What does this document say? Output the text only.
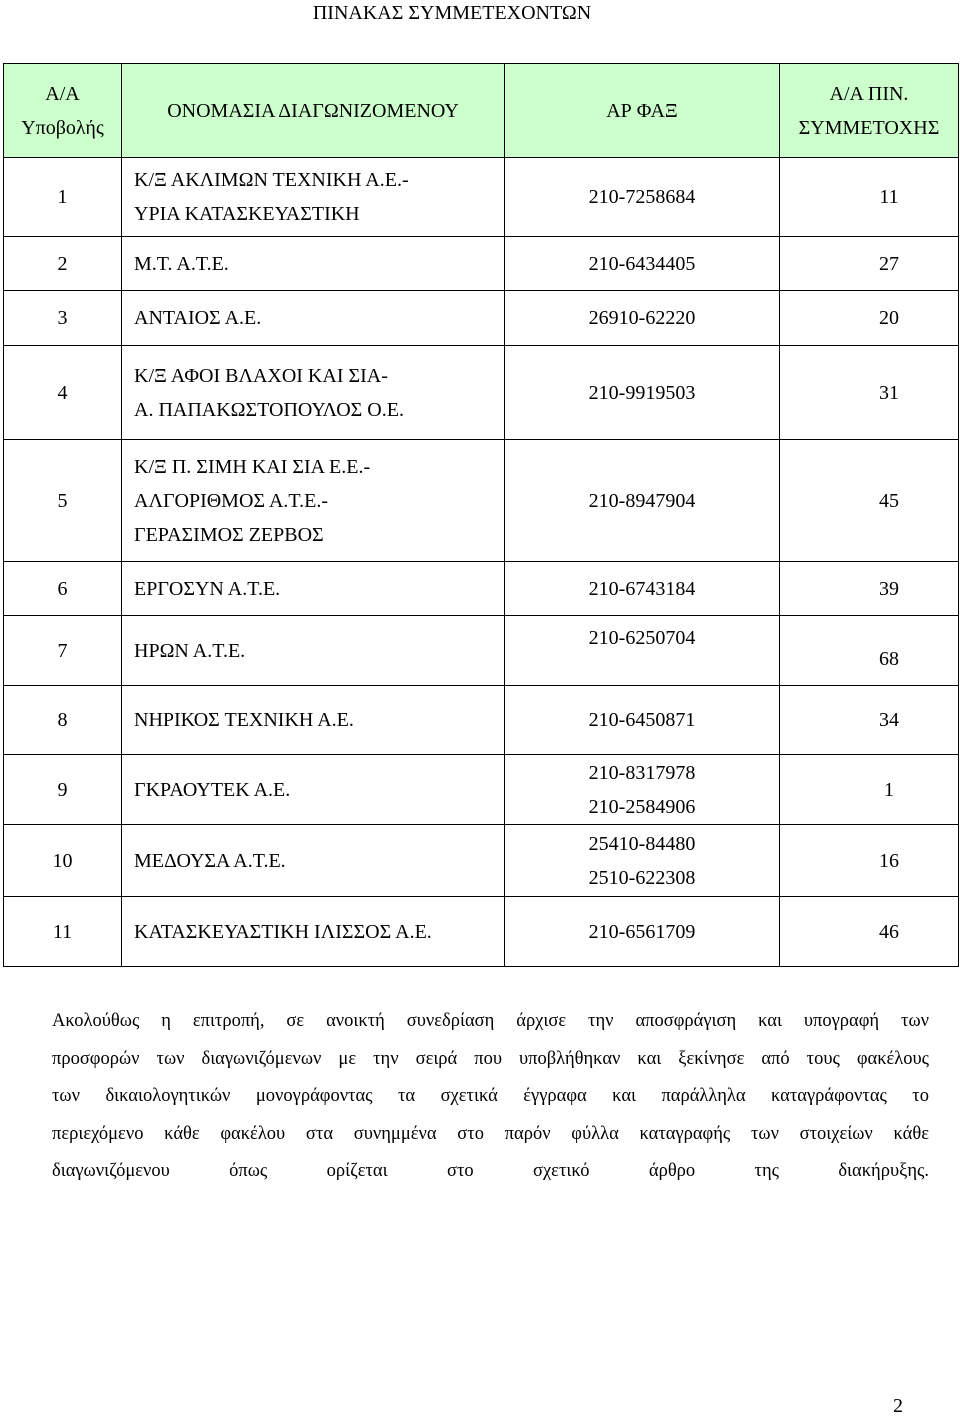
ΠΙΝΑΚΑΣ ΣΥΜΜΕΤΕΧΟΝΤΩΝ
Α/Α
Υποβολής	ΟΝΟΜΑΣΙΑ ΔΙΑΓΩΝΙΖΟΜΕΝΟΥ	ΑΡ ΦΑΞ	Α/Α ΠΙΝ.
ΣΥΜΜΕΤΟΧΗΣ

1	Κ/Ξ ΑΚΛΙΜΩΝ ΤΕΧΝΙΚΗ Α.Ε.-
ΥΡΙΑ ΚΑΤΑΣΚΕΥΑΣΤΙΚΗ	210-7258684	11
2	Μ.Τ. Α.Τ.Ε.	210-6434405	27
3	ΑΝΤΑΙΟΣ Α.Ε.	26910-62220	20
4	Κ/Ξ ΑΦΟΙ ΒΛΑΧΟΙ ΚΑΙ ΣΙΑ-
Α. ΠΑΠΑΚΩΣΤΟΠΟΥΛΟΣ Ο.Ε.	210-9919503	31
5	Κ/Ξ Π. ΣΙΜΗ ΚΑΙ ΣΙΑ Ε.Ε.-
ΑΛΓΟΡΙΘΜΟΣ Α.Τ.Ε.-
ΓΕΡΑΣΙΜΟΣ ΖΕΡΒΟΣ	210-8947904	45
6	ΕΡΓΟΣΥΝ Α.Τ.Ε.	210-6743184	39
7	ΗΡΩΝ Α.Τ.Ε.	210-6250704	68
8	ΝΗΡΙΚΟΣ ΤΕΧΝΙΚΗ Α.Ε.	210-6450871	34
9	ΓΚΡΑΟΥΤΕΚ Α.Ε.	210-8317978
210-2584906	1
10	ΜΕΔΟΥΣΑ Α.Τ.Ε.	25410-84480
2510-622308	16
11	ΚΑΤΑΣΚΕΥΑΣΤΙΚΗ ΙΛΙΣΣΟΣ Α.Ε.	210-6561709	46
Ακολούθως η επιτροπή, σε ανοικτή συνεδρίαση άρχισε την αποσφράγιση και υπογραφή των
προσφορών των διαγωνιζόμενων με την σειρά που υποβλήθηκαν και ξεκίνησε από τους φακέλους
των δικαιολογητικών μονογράφοντας τα σχετικά έγγραφα και παράλληλα καταγράφοντας το
περιεχόμενο κάθε φακέλου στα συνημμένα στο παρόν φύλλα καταγραφής των στοιχείων κάθε
διαγωνιζόμενου όπως ορίζεται στο σχετικό άρθρο της διακήρυξης.
2
